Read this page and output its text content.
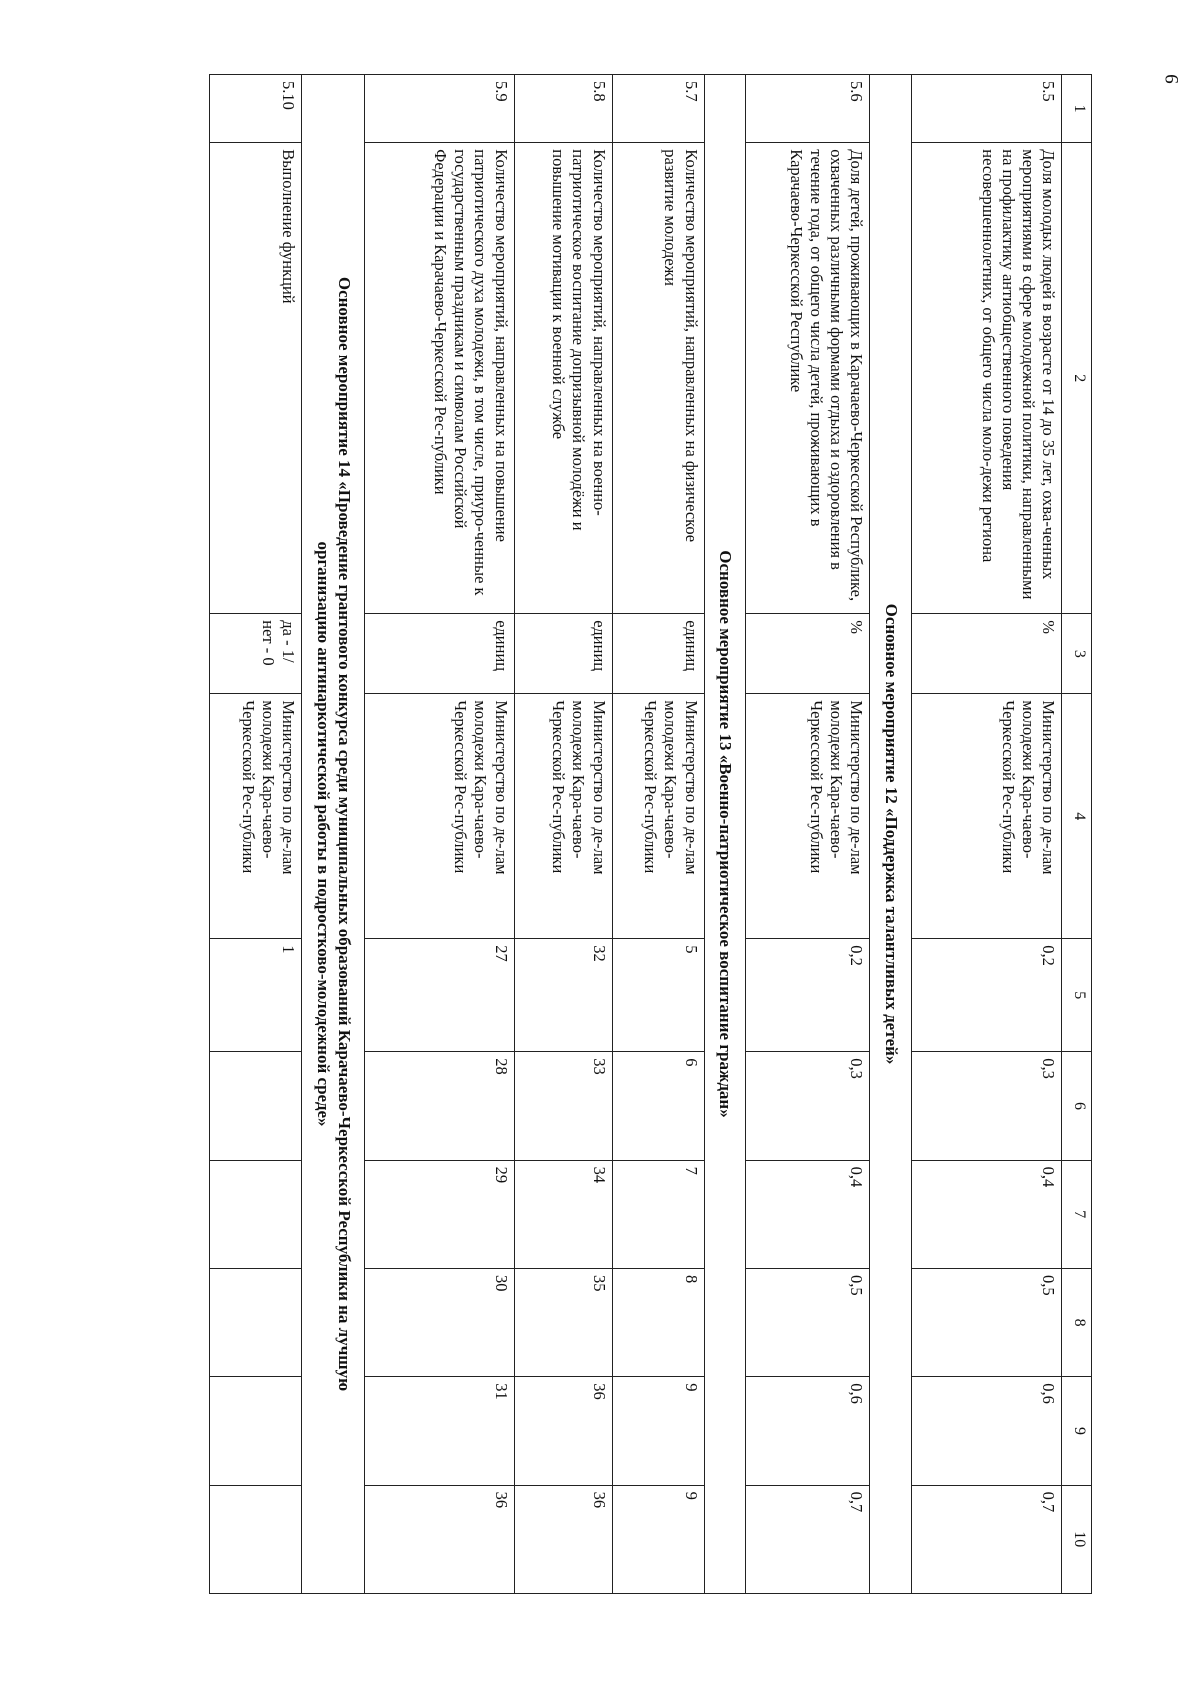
9
1	2	3	4	5	6	7	8	9	10
5.5	Доля молодых людей в возрасте от 14 до 35 лет, охва-ченных мероприятиями в сфере молодежной политики, направленными на профилактику антиобщественного поведения несовершеннолетних, от общего числа моло-дежи региона	%	Министерство по де-лам молодежи Кара-чаево-Черкесской Рес-публики	0,2	0,3	0,4	0,5	0,6	0,7
Основное мероприятие 12 «Поддержка талантливых детей»									
5.6	Доля детей, проживающих в Карачаево-Черкесской Республике, охваченных различными формами отдыха и оздоровления в течение года, от общего числа детей, проживающих в Карачаево-Черкесской Республике	%	Министерство по де-лам молодежи Кара-чаево-Черкесской Рес-публики	0,2	0,3	0,4	0,5	0,6	0,7
Основное мероприятие 13 «Военно-патриотическое воспитание граждан»									
5.7	Количество мероприятий, направленных на физическое развитие молодежи	единиц	Министерство по де-лам молодежи Кара-чаево-Черкесской Рес-публики	5	6	7	8	9	9
5.8	Количество мероприятий, направленных на военно-патриотическое воспитание допризывной молодёжи и повышение мотивации к военной службе	единиц	Министерство по де-лам молодежи Кара-чаево-Черкесской Рес-публики	32	33	34	35	36	36
5.9	Количество мероприятий, направленных на повышение патриотического духа молодежи, в том числе, приуро-ченные к государственным праздникам и символам Российской Федерации и Карачаево-Черкесской Рес-публики	единиц	Министерство по де-лам молодежи Кара-чаево-Черкесской Рес-публики	27	28	29	30	31	36
Основное мероприятие 14 «Проведение грантового конкурса среди муниципальных образований Карачаево-Черкесской Республики на лучшую организацию антинаркотической работы в подростково-молодежной среде»									
5.10	Выполнение функций	да - 1/ нет - 0	Министерство по де-лам молодежи Кара-чаево-Черкесской Рес-публики	1					
